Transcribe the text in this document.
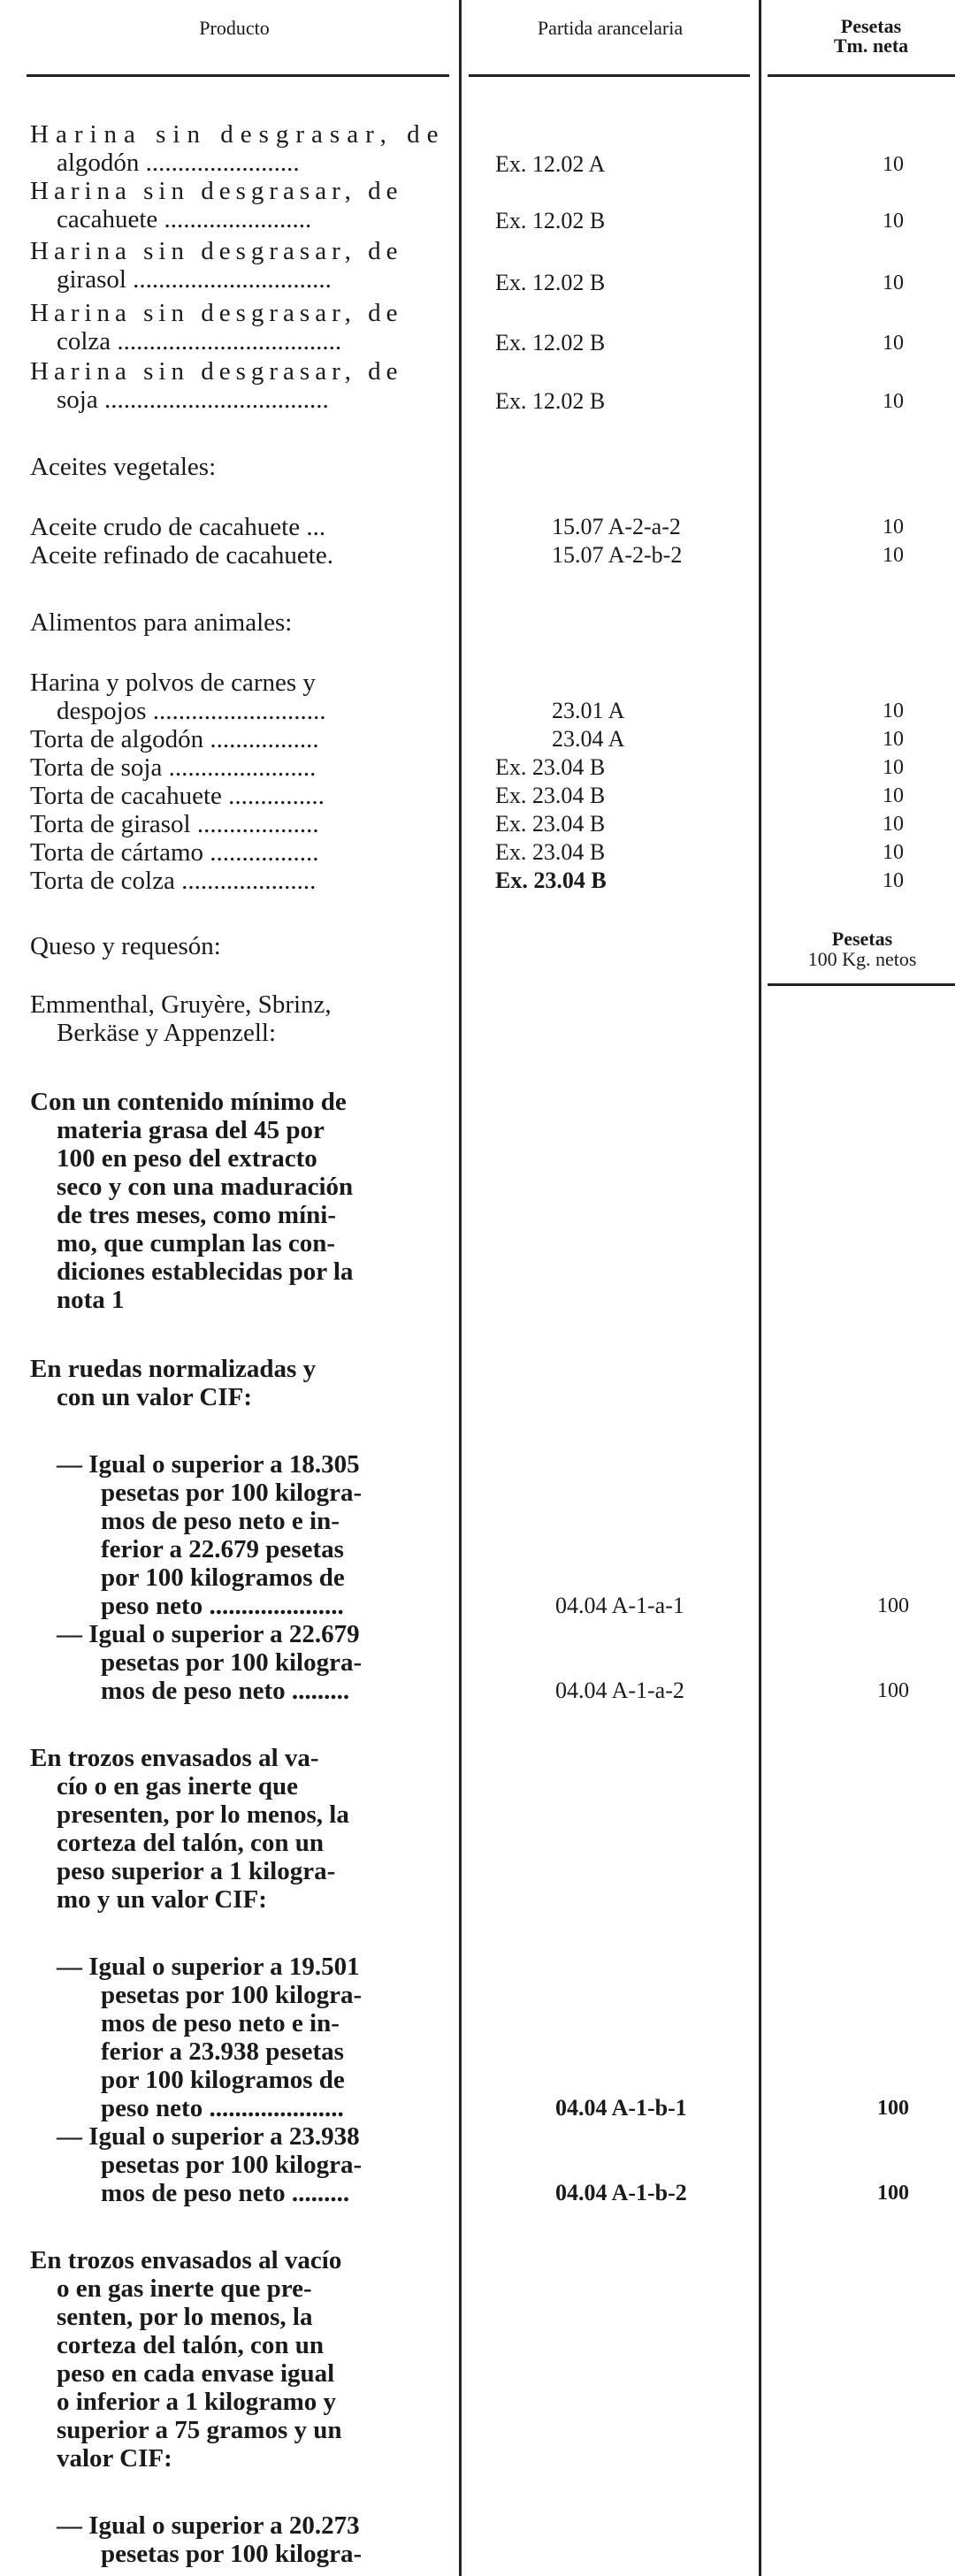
Producto	Partida arancelaria	Pesetas
Tm. neta
Pesetas
100 Kg. netos
Harina sin desgrasar, de
algodón ........................
Harina sin desgrasar, de
cacahuete .......................
Harina sin desgrasar, de
girasol ...............................
Harina sin desgrasar, de
colza ...................................
Harina sin desgrasar, de
soja ...................................
Aceites vegetales:
Aceite crudo de cacahuete ...
Aceite refinado de cacahuete.
Alimentos para animales:
Harina y polvos de carnes y
despojos ...........................
Torta de algodón .................
Torta de soja .......................
Torta de cacahuete ...............
Torta de girasol ...................
Torta de cártamo .................
Torta de colza .....................
Queso y requesón:
Emmenthal, Gruyère, Sbrinz,
Berkäse y Appenzell:
Con un contenido mínimo de
materia grasa del 45 por
100 en peso del extracto
seco y con una maduración
de tres meses, como míni-
mo, que cumplan las con-
diciones establecidas por la
nota 1
En ruedas normalizadas y
con un valor CIF:
— Igual o superior a 18.305
pesetas por 100 kilogra-
mos de peso neto e in-
ferior a 22.679 pesetas
por 100 kilogramos de
peso neto .....................
— Igual o superior a 22.679
pesetas por 100 kilogra-
mos de peso neto .........
En trozos envasados al va-
cío o en gas inerte que
presenten, por lo menos, la
corteza del talón, con un
peso superior a 1 kilogra-
mo y un valor CIF:
— Igual o superior a 19.501
pesetas por 100 kilogra-
mos de peso neto e in-
ferior a 23.938 pesetas
por 100 kilogramos de
peso neto .....................
— Igual o superior a 23.938
pesetas por 100 kilogra-
mos de peso neto .........
En trozos envasados al vacío
o en gas inerte que pre-
senten, por lo menos, la
corteza del talón, con un
peso en cada envase igual
o inferior a 1 kilogramo y
superior a 75 gramos y un
valor CIF:
— Igual o superior a 20.273
pesetas por 100 kilogra-
Ex. 12.02 A
Ex. 12.02 B
Ex. 12.02 B
Ex. 12.02 B
Ex. 12.02 B
15.07 A-2-a-2
15.07 A-2-b-2
23.01 A
23.04 A
Ex. 23.04 B
Ex. 23.04 B
Ex. 23.04 B
Ex. 23.04 B
Ex. 23.04 B
04.04 A-1-a-1
04.04 A-1-a-2
04.04 A-1-b-1
04.04 A-1-b-2
10
10
10
10
10
10
10
10
10
10
10
10
10
10
100
100
100
100
